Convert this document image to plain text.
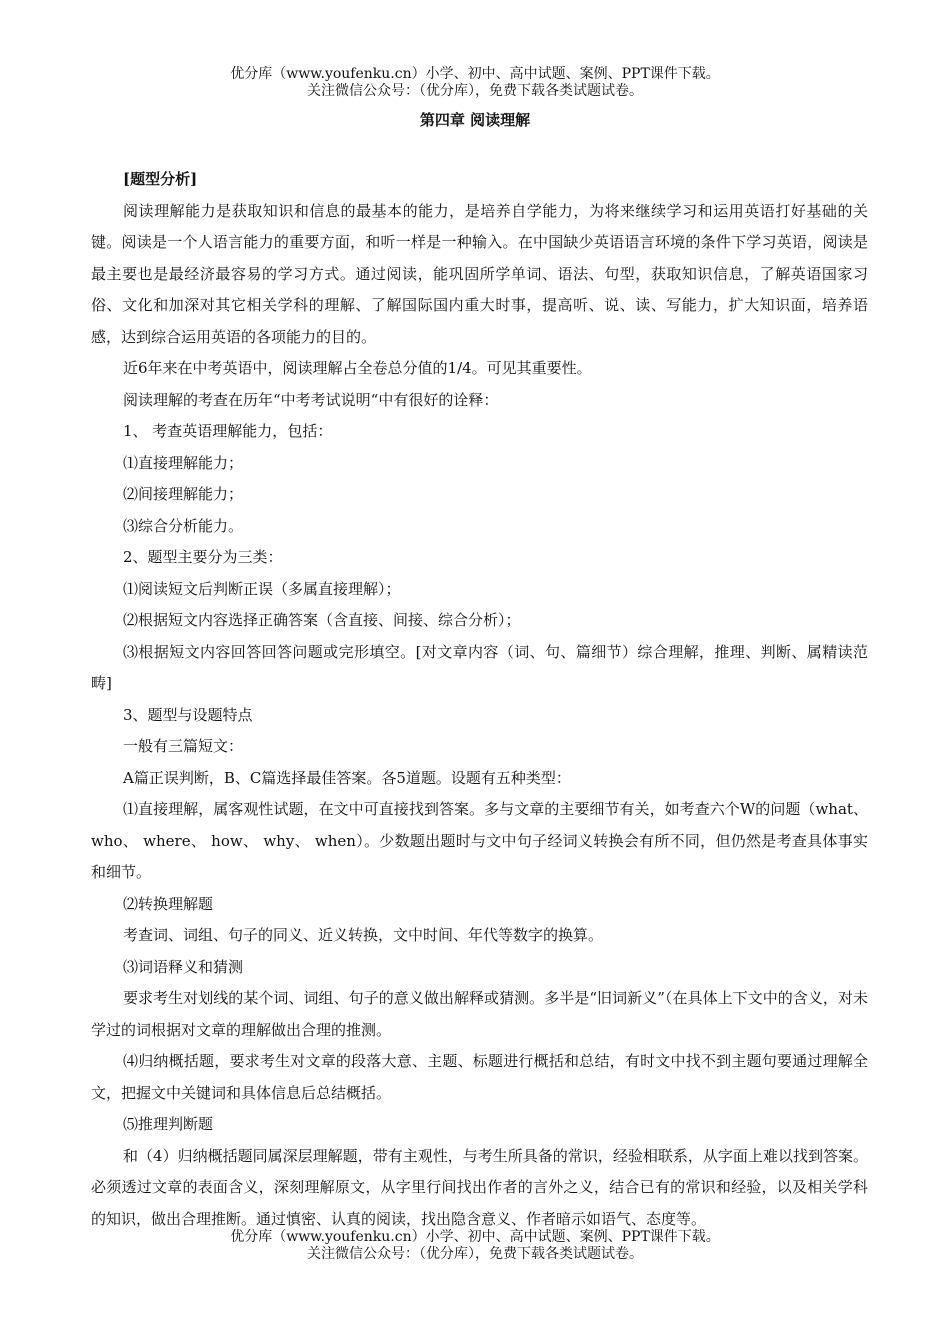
优分库（www.youfenku.cn）小学、初中、高中试题、案例、PPT课件下载。
关注微信公众号：（优分库），免费下载各类试题试卷。
第四章 阅读理解

[题型分析]

阅读理解能力是获取知识和信息的最基本的能力，是培养自学能力，为将来继续学习和运用英语打好基础的关键。阅读是一个人语言能力的重要方面，和听一样是一种输入。在中国缺少英语语言环境的条件下学习英语，阅读是最主要也是最经济最容易的学习方式。通过阅读，能巩固所学单词、语法、句型，获取知识信息，了解英语国家习俗、文化和加深对其它相关学科的理解、了解国际国内重大时事，提高听、说、读、写能力，扩大知识面，培养语感，达到综合运用英语的各项能力的目的。

近6年来在中考英语中，阅读理解占全卷总分值的1/4。可见其重要性。

阅读理解的考查在历年“中考考试说明“中有很好的诠释：

1、 考查英语理解能力，包括：

⑴直接理解能力；

⑵间接理解能力；

⑶综合分析能力。

2、题型主要分为三类：

⑴阅读短文后判断正误（多属直接理解）；

⑵根据短文内容选择正确答案（含直接、间接、综合分析）；

⑶根据短文内容回答回答问题或完形填空。[对文章内容（词、句、篇细节）综合理解，推理、判断、属精读范畴]

3、题型与设题特点

一般有三篇短文：

A篇正误判断，B、C篇选择最佳答案。各5道题。设题有五种类型：

⑴直接理解，属客观性试题，在文中可直接找到答案。多与文章的主要细节有关，如考查六个W的问题（what、 who、 where、 how、 why、 when）。少数题出题时与文中句子经词义转换会有所不同，但仍然是考查具体事实和细节。

⑵转换理解题

考查词、词组、句子的同义、近义转换，文中时间、年代等数字的换算。

⑶词语释义和猜测

要求考生对划线的某个词、词组、句子的意义做出解释或猜测。多半是“旧词新义”（在具体上下文中的含义，对未学过的词根据对文章的理解做出合理的推测。

⑷归纳概括题，要求考生对文章的段落大意、主题、标题进行概括和总结，有时文中找不到主题句要通过理解全文，把握文中关键词和具体信息后总结概括。

⑸推理判断题

和（4）归纳概括题同属深层理解题，带有主观性，与考生所具备的常识，经验相联系，从字面上难以找到答案。必须透过文章的表面含义，深刻理解原文，从字里行间找出作者的言外之义，结合已有的常识和经验，以及相关学科的知识，做出合理推断。通过慎密、认真的阅读，找出隐含意义、作者暗示如语气、态度等。

优分库（www.youfenku.cn）小学、初中、高中试题、案例、PPT课件下载。
关注微信公众号：（优分库），免费下载各类试题试卷。
